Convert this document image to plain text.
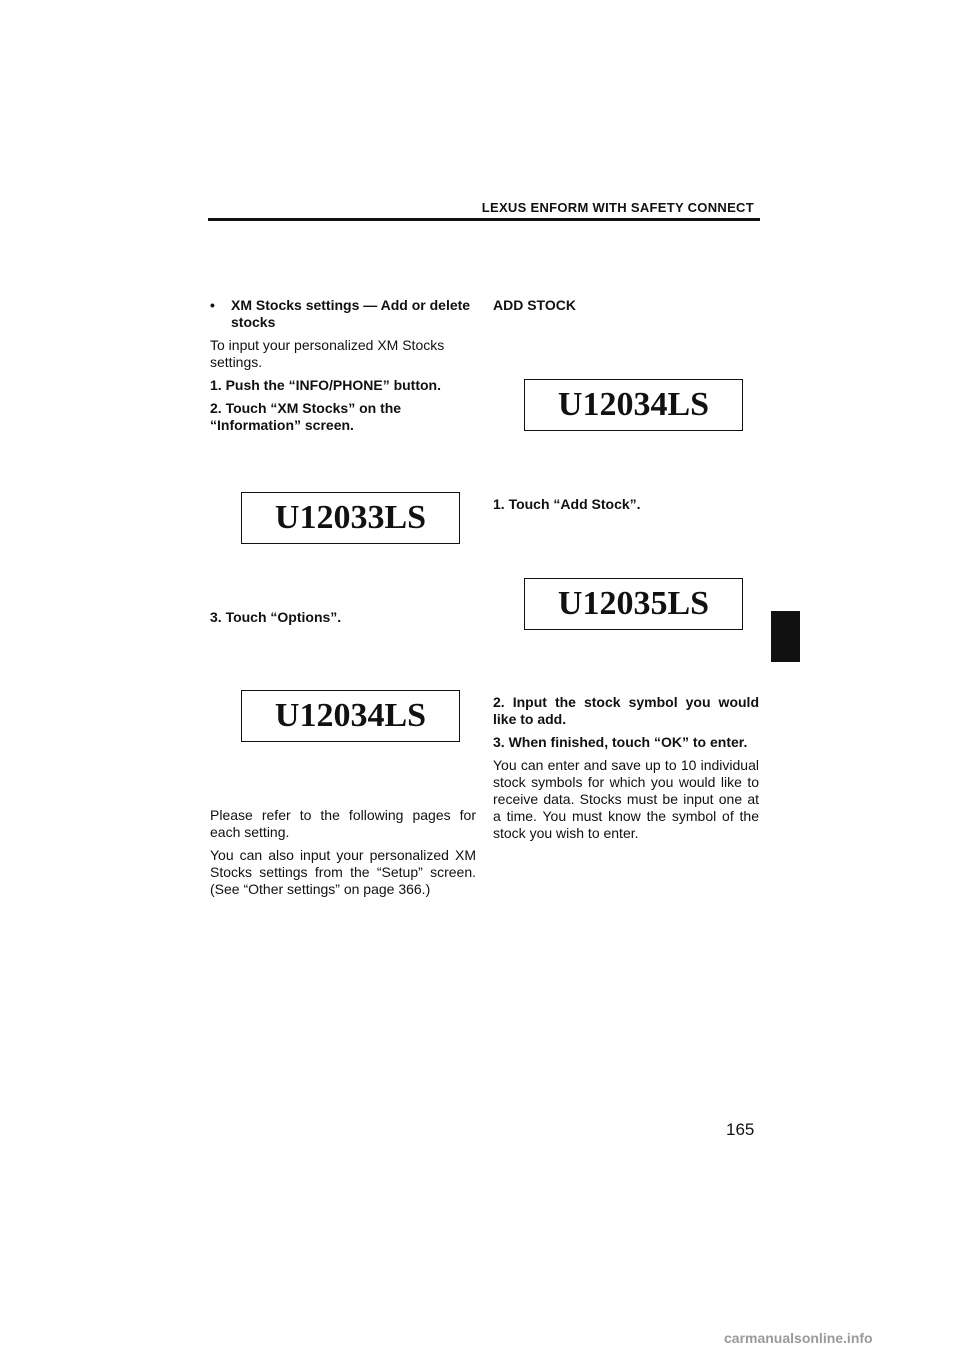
LEXUS ENFORM WITH SAFETY CONNECT
•	XM Stocks settings — Add or delete stocks

To input your personalized XM Stocks settings.

1. Push the “INFO/PHONE” button.

2. Touch “XM Stocks” on the “Information” screen.

U12033LS

3. Touch “Options”.

U12034LS

Please refer to the following pages for each setting.

You can also input your personalized XM Stocks settings from the “Setup” screen. (See “Other settings” on page 366.)

ADD STOCK

U12034LS

1. Touch “Add Stock”.

U12035LS

2. Input the stock symbol you would like to add.

3. When finished, touch “OK” to enter.

You can enter and save up to 10 individual stock symbols for which you would like to receive data. Stocks must be input one at a time. You must know the symbol of the stock you wish to enter.

165
carmanualsonline.info
